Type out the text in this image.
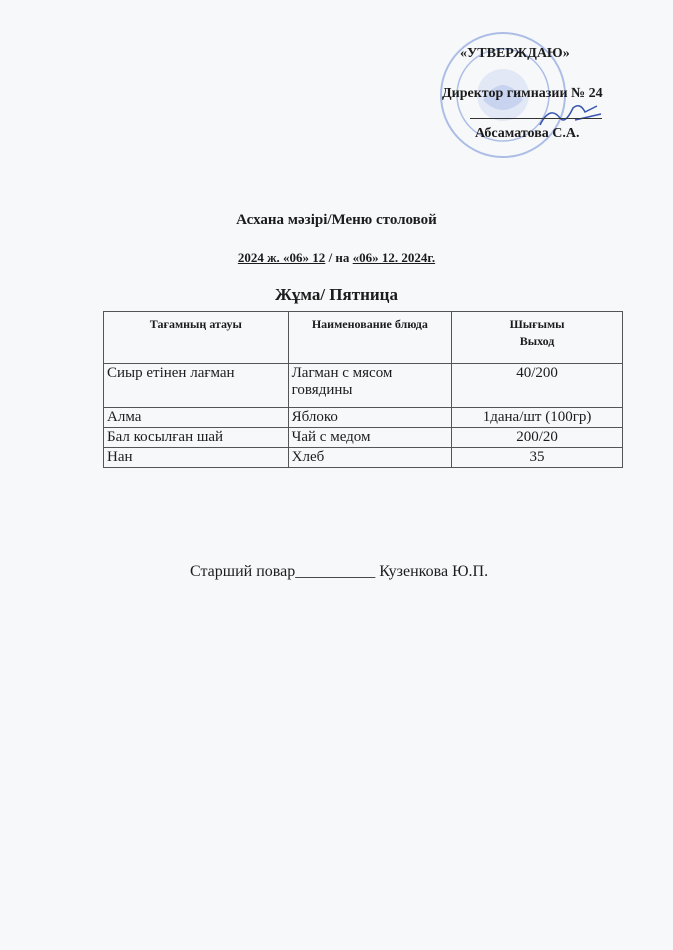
«УТВЕРЖДАЮ»
Директор гимназии № 24
Абсаматова С.А.
Асхана мәзірі/Меню столовой
2024 ж. «06» 12 / на «06» 12. 2024г.
Жұма/ Пятница
Тағамның атауы	Наименование блюда	Шығымы Выход
Сиыр етінен лағман	Лагман с мясом говядины	40/200
Алма	Яблоко	1дана/шт (100гр)
Бал косылған шай	Чай с медом	200/20
Нан	Хлеб	35
Старший повар__________ Кузенкова Ю.П.
